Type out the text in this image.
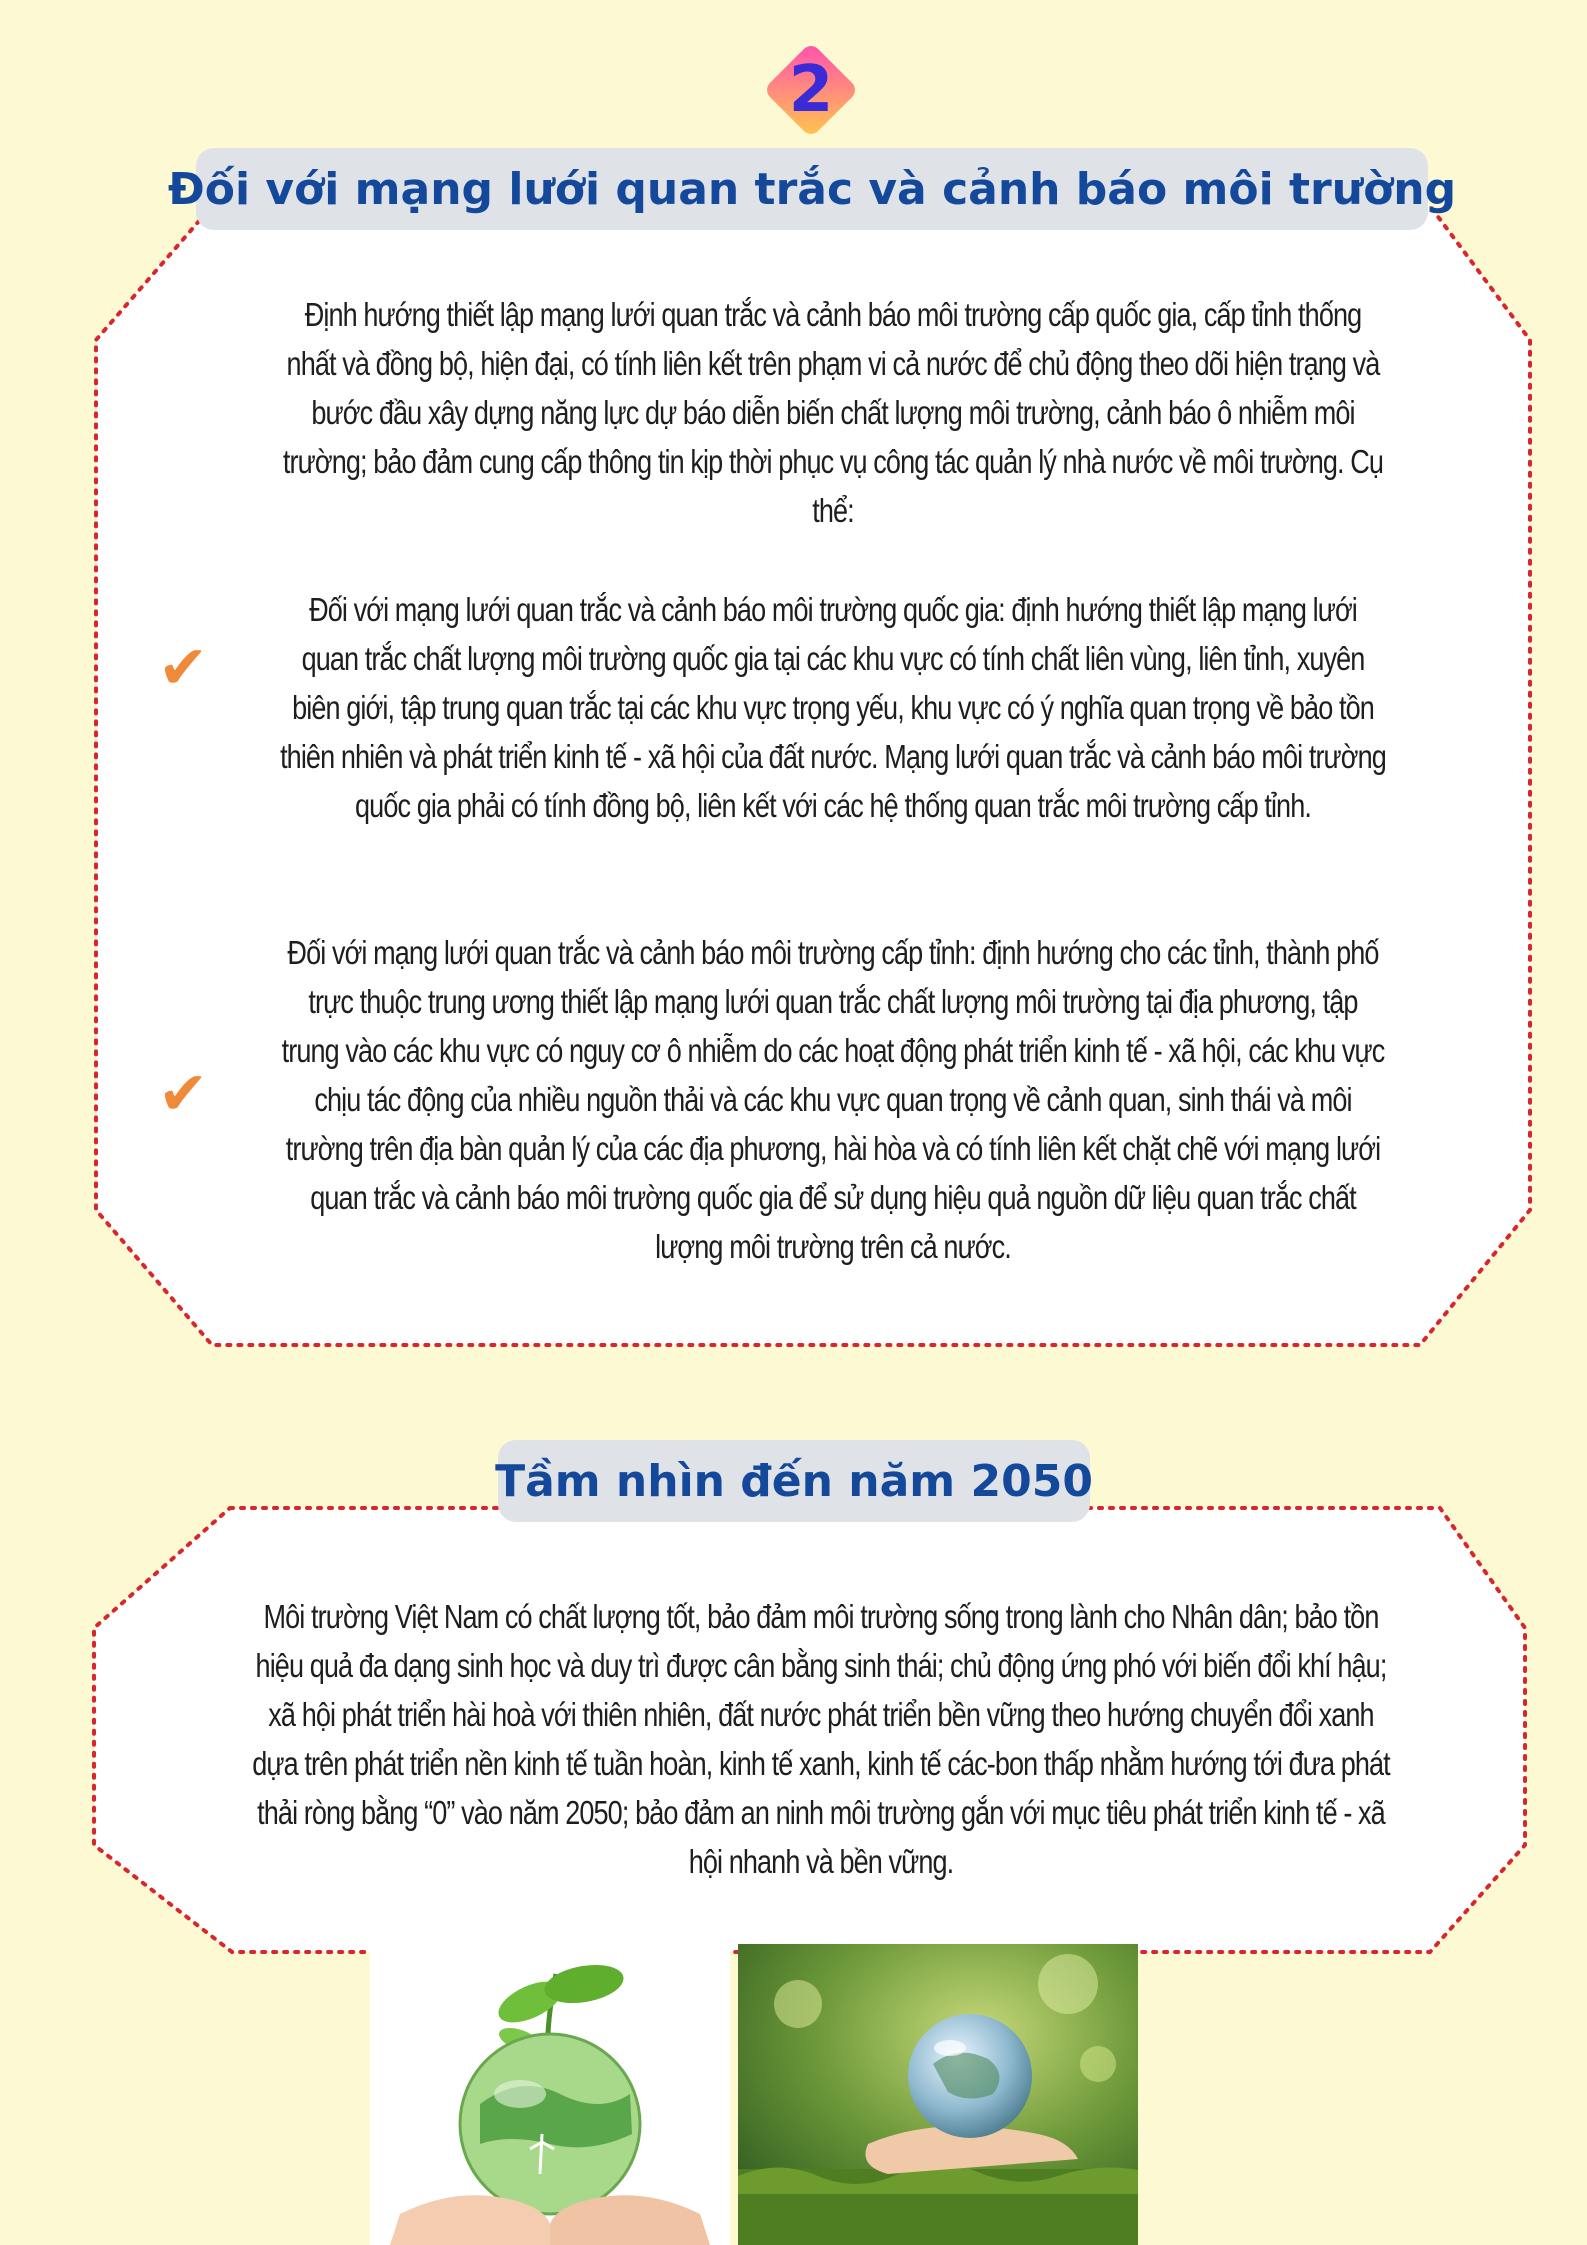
2
Đối với mạng lưới quan trắc và cảnh báo môi trường
Định hướng thiết lập mạng lưới quan trắc và cảnh báo môi trường cấp quốc gia, cấp tỉnh thống nhất và đồng bộ, hiện đại, có tính liên kết trên phạm vi cả nước để chủ động theo dõi hiện trạng và bước đầu xây dựng năng lực dự báo diễn biến chất lượng môi trường, cảnh báo ô nhiễm môi trường; bảo đảm cung cấp thông tin kịp thời phục vụ công tác quản lý nhà nước về môi trường. Cụ thể:
✔
Đối với mạng lưới quan trắc và cảnh báo môi trường quốc gia: định hướng thiết lập mạng lưới quan trắc chất lượng môi trường quốc gia tại các khu vực có tính chất liên vùng, liên tỉnh, xuyên biên giới, tập trung quan trắc tại các khu vực trọng yếu, khu vực có ý nghĩa quan trọng về bảo tồn thiên nhiên và phát triển kinh tế - xã hội của đất nước. Mạng lưới quan trắc và cảnh báo môi trường quốc gia phải có tính đồng bộ, liên kết với các hệ thống quan trắc môi trường cấp tỉnh.
✔
Đối với mạng lưới quan trắc và cảnh báo môi trường cấp tỉnh: định hướng cho các tỉnh, thành phố trực thuộc trung ương thiết lập mạng lưới quan trắc chất lượng môi trường tại địa phương, tập trung vào các khu vực có nguy cơ ô nhiễm do các hoạt động phát triển kinh tế - xã hội, các khu vực chịu tác động của nhiều nguồn thải và các khu vực quan trọng về cảnh quan, sinh thái và môi trường trên địa bàn quản lý của các địa phương, hài hòa và có tính liên kết chặt chẽ với mạng lưới quan trắc và cảnh báo môi trường quốc gia để sử dụng hiệu quả nguồn dữ liệu quan trắc chất lượng môi trường trên cả nước.
Tầm nhìn đến năm 2050
Môi trường Việt Nam có chất lượng tốt, bảo đảm môi trường sống trong lành cho Nhân dân; bảo tồn hiệu quả đa dạng sinh học và duy trì được cân bằng sinh thái; chủ động ứng phó với biến đổi khí hậu; xã hội phát triển hài hoà với thiên nhiên, đất nước phát triển bền vững theo hướng chuyển đổi xanh dựa trên phát triển nền kinh tế tuần hoàn, kinh tế xanh, kinh tế các-bon thấp nhằm hướng tới đưa phát thải ròng bằng “0” vào năm 2050; bảo đảm an ninh môi trường gắn với mục tiêu phát triển kinh tế - xã hội nhanh và bền vững.
